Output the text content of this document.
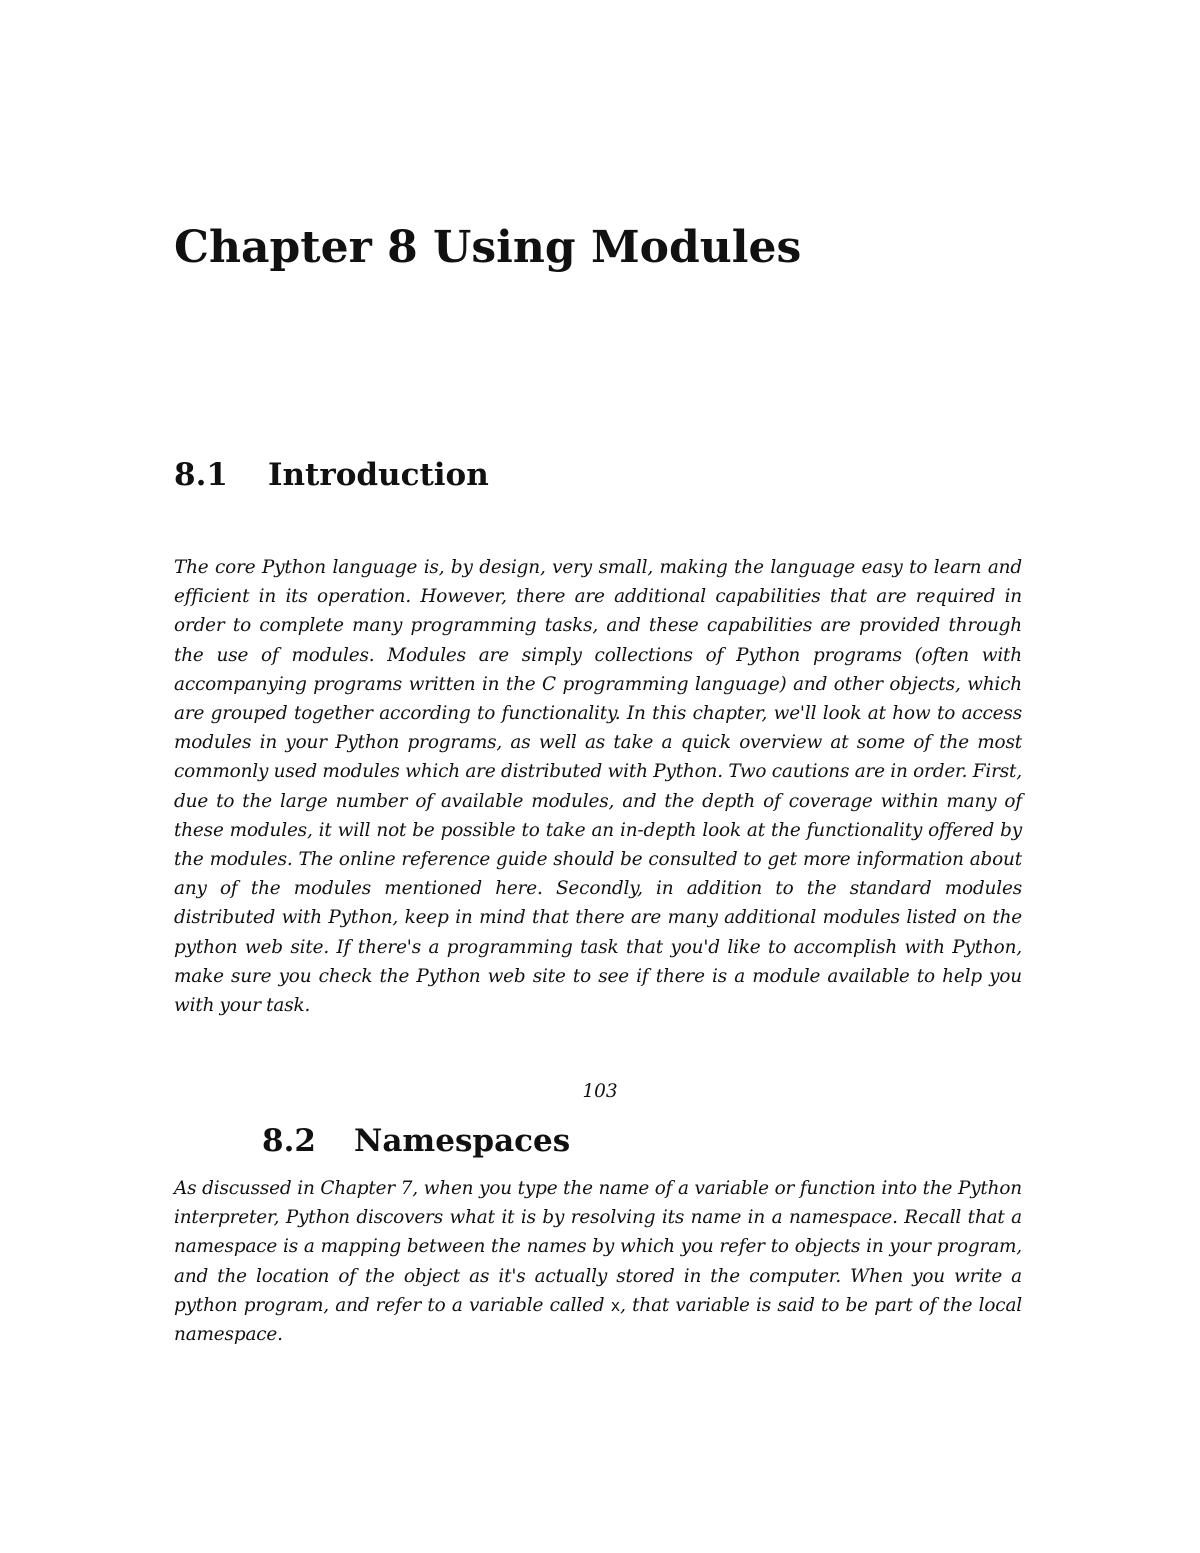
Chapter 8 Using Modules
8.1 Introduction

The core Python language is, by design, very small, making the language easy to learn and efficient in its operation. However, there are additional capabilities that are required in order to complete many programming tasks, and these capabilities are provided through the use of modules. Modules are simply collections of Python programs (often with accompanying programs written in the C programming language) and other objects, which are grouped together according to functionality. In this chapter, we'll look at how to access modules in your Python programs, as well as take a quick overview at some of the most commonly used modules which are distributed with Python. Two cautions are in order. First, due to the large number of available modules, and the depth of coverage within many of these modules, it will not be possible to take an in-depth look at the functionality offered by the modules. The online reference guide should be consulted to get more information about any of the modules mentioned here. Secondly, in addition to the standard modules distributed with Python, keep in mind that there are many additional modules listed on the python web site. If there's a programming task that you'd like to accomplish with Python, make sure you check the Python web site to see if there is a module available to help you with your task.

103
8.2 Namespaces

As discussed in Chapter 7, when you type the name of a variable or function into the Python interpreter, Python discovers what it is by resolving its name in a namespace. Recall that a namespace is a mapping between the names by which you refer to objects in your program, and the location of the object as it's actually stored in the computer. When you write a python program, and refer to a variable called x, that variable is said to be part of the local namespace.
